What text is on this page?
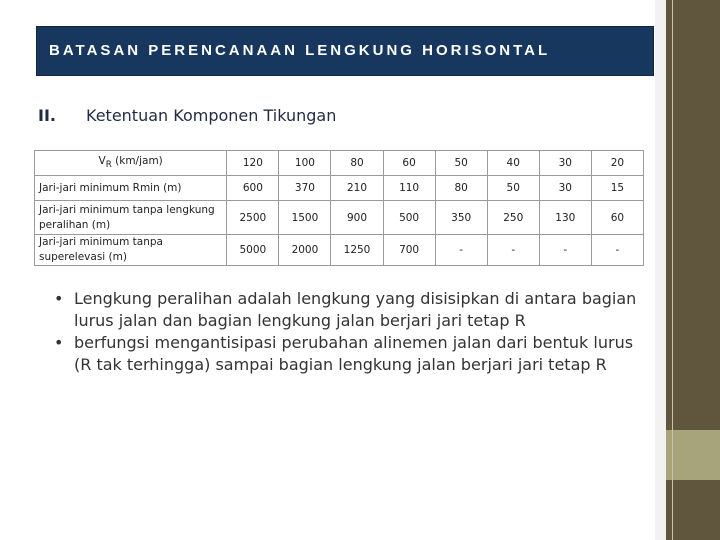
BATASAN PERENCANAAN LENGKUNG HORISONTAL
II. Ketentuan Komponen Tikungan
$V_R$ (km/jam)	120	100	80	60	50	40	30	20
Jari-jari minimum Rmin (m)	600	370	210	110	80	50	30	15
Jari-jari minimum tanpa lengkung peralihan (m)	2500	1500	900	500	350	250	130	60
Jari-jari minimum tanpa superelevasi (m)	5000	2000	1250	700	-	-	-	-
• Lengkung peralihan adalah lengkung yang disisipkan di antara bagian lurus jalan dan bagian lengkung jalan berjari jari tetap R
• berfungsi mengantisipasi perubahan alinemen jalan dari bentuk lurus (R tak terhingga) sampai bagian lengkung jalan berjari jari tetap R
